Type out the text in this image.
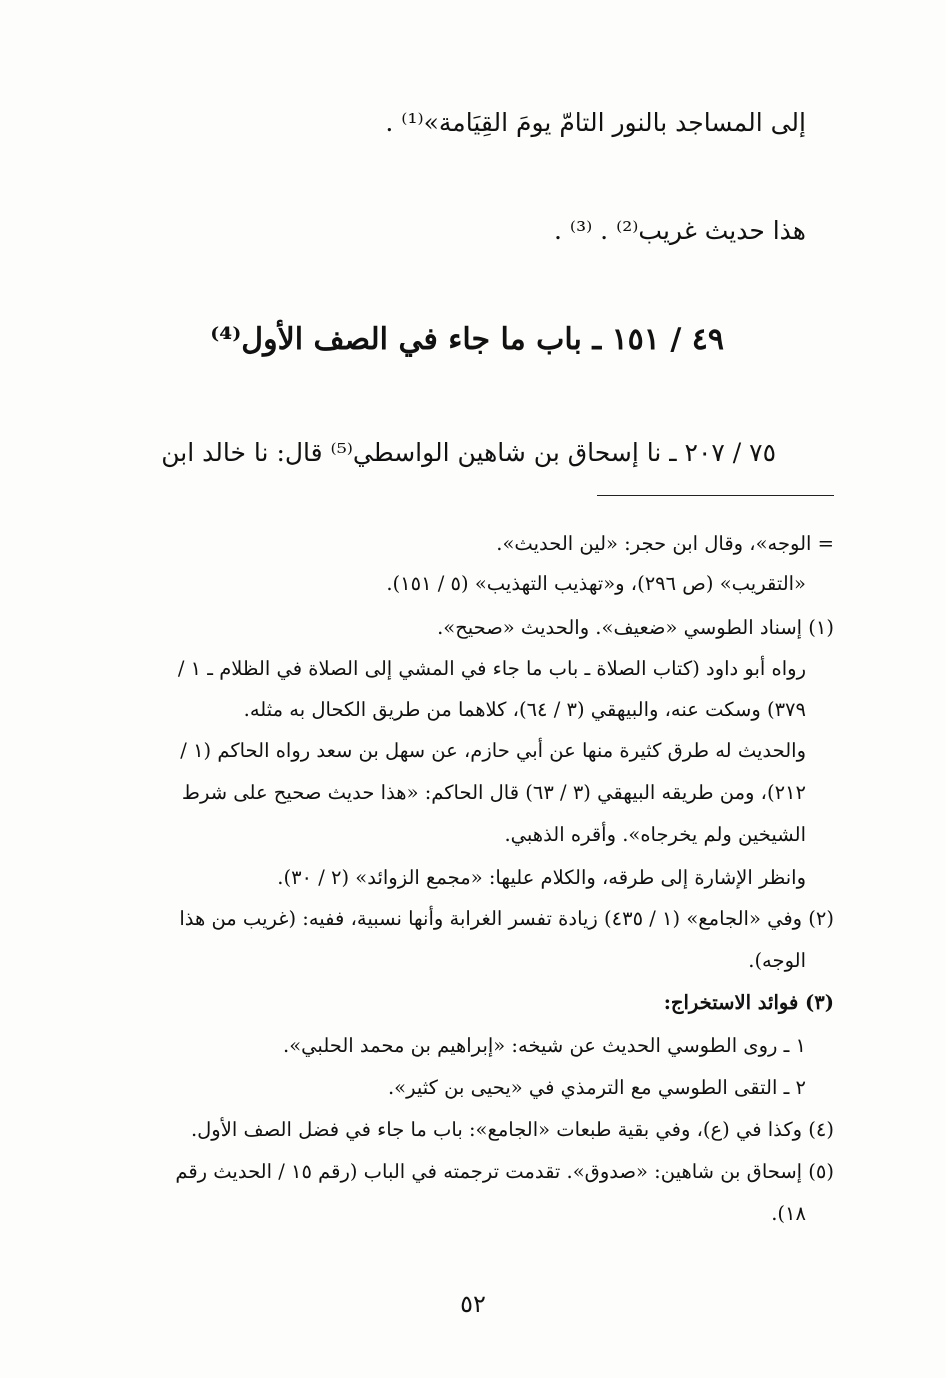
إلى المساجد بالنور التامّ يومَ القِيَامة»⁽¹⁾ .
هذا حديث غريب⁽²⁾ . ⁽³⁾ .
٤٩ / ١٥١ ـ باب ما جاء في الصف الأول⁽⁴⁾
٧٥ / ٢٠٧ ـ نا إسحاق بن شاهين الواسطي⁽⁵⁾ قال: نا خالد ابن
= الوجه»، وقال ابن حجر: «لين الحديث».
«التقريب» (ص ٢٩٦)، و«تهذيب التهذيب» (٥ / ١٥١).
(١) إسناد الطوسي «ضعيف». والحديث «صحيح».
رواه أبو داود (كتاب الصلاة ـ باب ما جاء في المشي إلى الصلاة في الظلام ـ ١ /
٣٧٩) وسكت عنه، والبيهقي (٣ / ٦٤)، كلاهما من طريق الكحال به مثله.
والحديث له طرق كثيرة منها عن أبي حازم، عن سهل بن سعد رواه الحاكم (١ /
٢١٢)، ومن طريقه البيهقي (٣ / ٦٣) قال الحاكم: «هذا حديث صحيح على شرط
الشيخين ولم يخرجاه». وأقره الذهبي.
وانظر الإشارة إلى طرقه، والكلام عليها: «مجمع الزوائد» (٢ / ٣٠).
(٢) وفي «الجامع» (١ / ٤٣٥) زيادة تفسر الغرابة وأنها نسبية، ففيه: (غريب من هذا
الوجه).
(٣) فوائد الاستخراج:
١ ـ روى الطوسي الحديث عن شيخه: «إبراهيم بن محمد الحلبي».
٢ ـ التقى الطوسي مع الترمذي في «يحيى بن كثير».
(٤) وكذا في (ع)، وفي بقية طبعات «الجامع»: باب ما جاء في فضل الصف الأول.
(٥) إسحاق بن شاهين: «صدوق». تقدمت ترجمته في الباب (رقم ١٥ / الحديث رقم
١٨).
٥٢
